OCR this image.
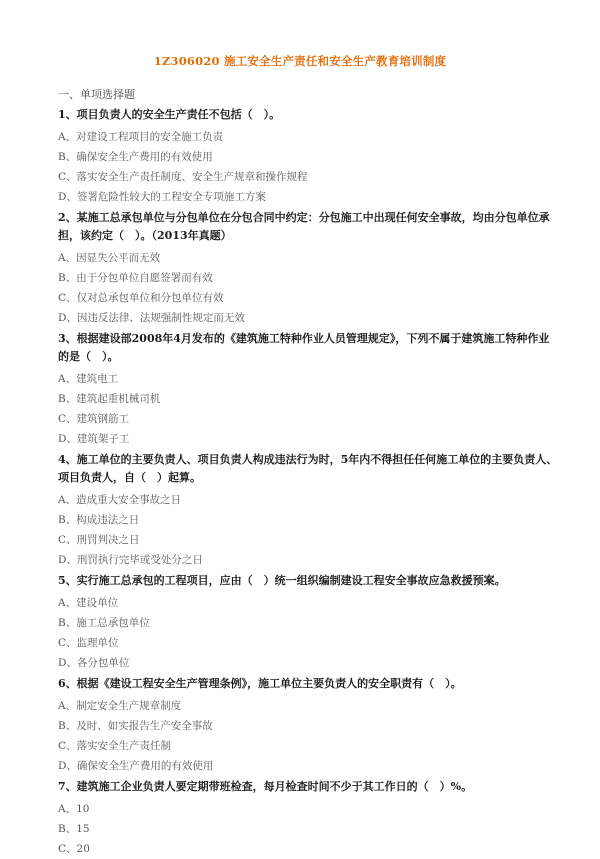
1Z306020 施工安全生产责任和安全生产教育培训制度
一、单项选择题
1、项目负责人的安全生产责任不包括（　）。
A、对建设工程项目的安全施工负责
B、确保安全生产费用的有效使用
C、落实安全生产责任制度、安全生产规章和操作规程
D、签署危险性较大的工程安全专项施工方案
2、某施工总承包单位与分包单位在分包合同中约定：分包施工中出现任何安全事故，均由分包单位承担，该约定（　）。（2013年真题）
A、因显失公平而无效
B、由于分包单位自愿签署而有效
C、仅对总承包单位和分包单位有效
D、因违反法律、法规强制性规定而无效
3、根据建设部2008年4月发布的《建筑施工特种作业人员管理规定》，下列不属于建筑施工特种作业的是（　）。
A、建筑电工
B、建筑起重机械司机
C、建筑钢筋工
D、建筑架子工
4、施工单位的主要负责人、项目负责人构成违法行为时，5年内不得担任任何施工单位的主要负责人、项目负责人，自（　）起算。
A、造成重大安全事故之日
B、构成违法之日
C、刑罚判决之日
D、刑罚执行完毕或受处分之日
5、实行施工总承包的工程项目，应由（　）统一组织编制建设工程安全事故应急救援预案。
A、建设单位
B、施工总承包单位
C、监理单位
D、各分包单位
6、根据《建设工程安全生产管理条例》，施工单位主要负责人的安全职责有（　）。
A、制定安全生产规章制度
B、及时、如实报告生产安全事故
C、落实安全生产责任制
D、确保安全生产费用的有效使用
7、建筑施工企业负责人要定期带班检查，每月检查时间不少于其工作日的（　）%。
A、10
B、15
C、20
